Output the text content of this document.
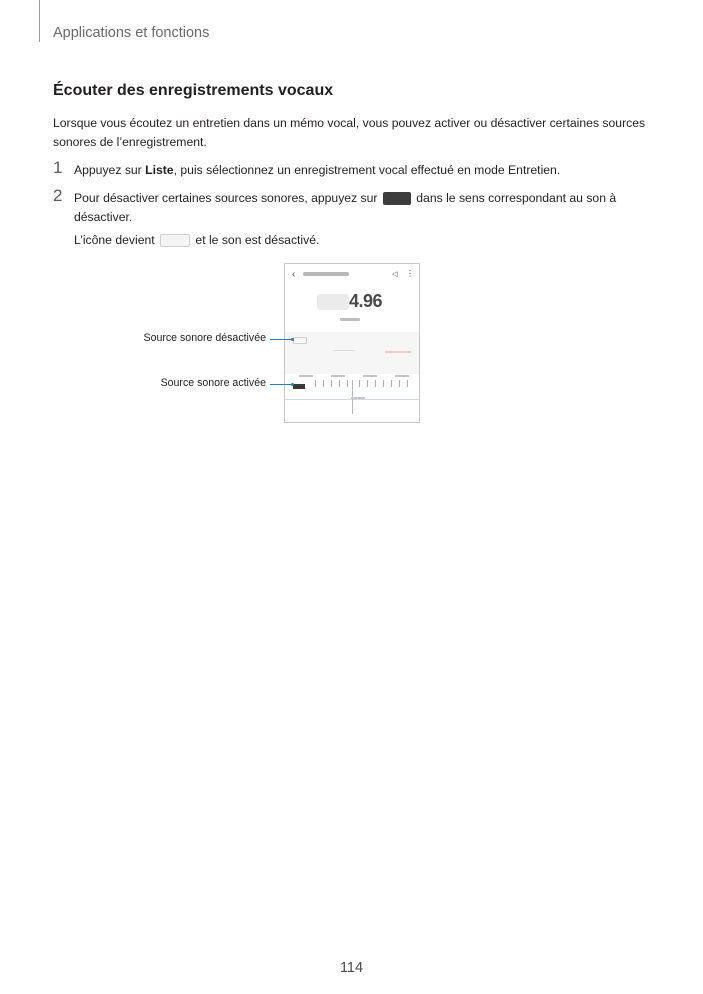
Applications et fonctions
Écouter des enregistrements vocaux
Lorsque vous écoutez un entretien dans un mémo vocal, vous pouvez activer ou désactiver certaines sources sonores de l’enregistrement.
1 Appuyez sur Liste, puis sélectionnez un enregistrement vocal effectué en mode Entretien.
2 Pour désactiver certaines sources sonores, appuyez sur	dans le sens correspondant au son à désactiver.
L’icône devient	et le son est désactivé.
‹	◁ ⋮
4.96
Source sonore désactivée
Source sonore activée
114
